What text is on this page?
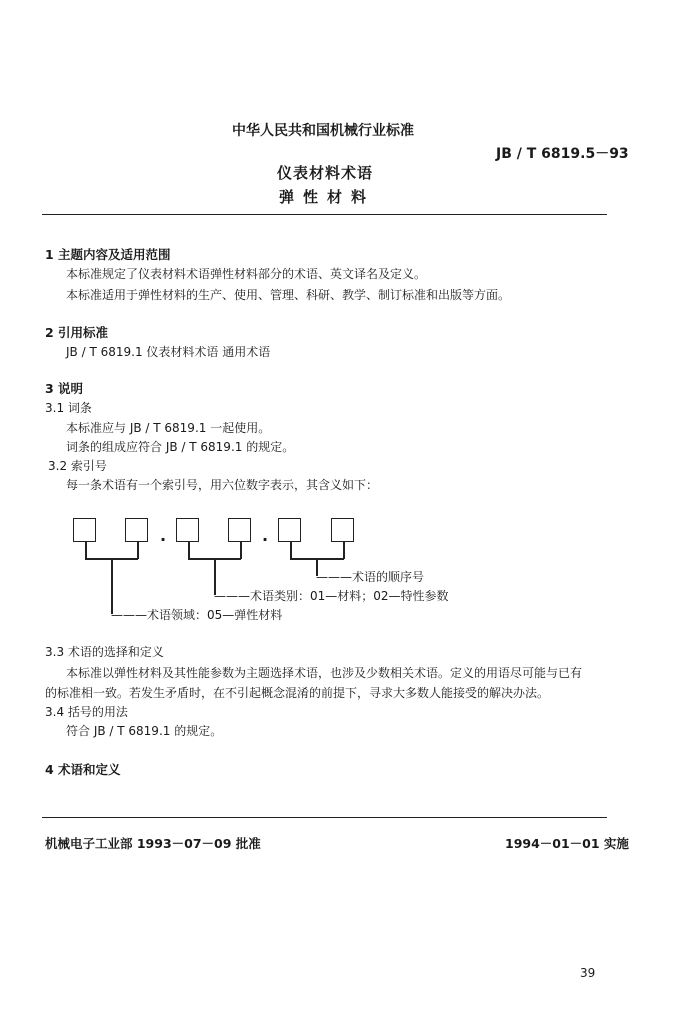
中华人民共和国机械行业标准
JB / T 6819.5－93
仪表材料术语
弹性材料
1 主题内容及适用范围
本标准规定了仪表材料术语弹性材料部分的术语、英文译名及定义。
本标准适用于弹性材料的生产、使用、管理、科研、教学、制订标准和出版等方面。
2 引用标准
JB / T 6819.1 仪表材料术语 通用术语
3 说明
3.1 词条
本标准应与 JB / T 6819.1 一起使用。
词条的组成应符合 JB / T 6819.1 的规定。
3.2 索引号
每一条术语有一个索引号，用六位数字表示，其含义如下：
.	.
———术语的顺序号
———术语类别：01—材料；02—特性参数
———术语领域：05—弹性材料
3.3 术语的选择和定义
本标准以弹性材料及其性能参数为主题选择术语，也涉及少数相关术语。定义的用语尽可能与已有
的标准相一致。若发生矛盾时，在不引起概念混淆的前提下，寻求大多数人能接受的解决办法。
3.4 括号的用法
符合 JB / T 6819.1 的规定。
4 术语和定义
机械电子工业部 1993－07－09 批准	1994－01－01 实施
39
